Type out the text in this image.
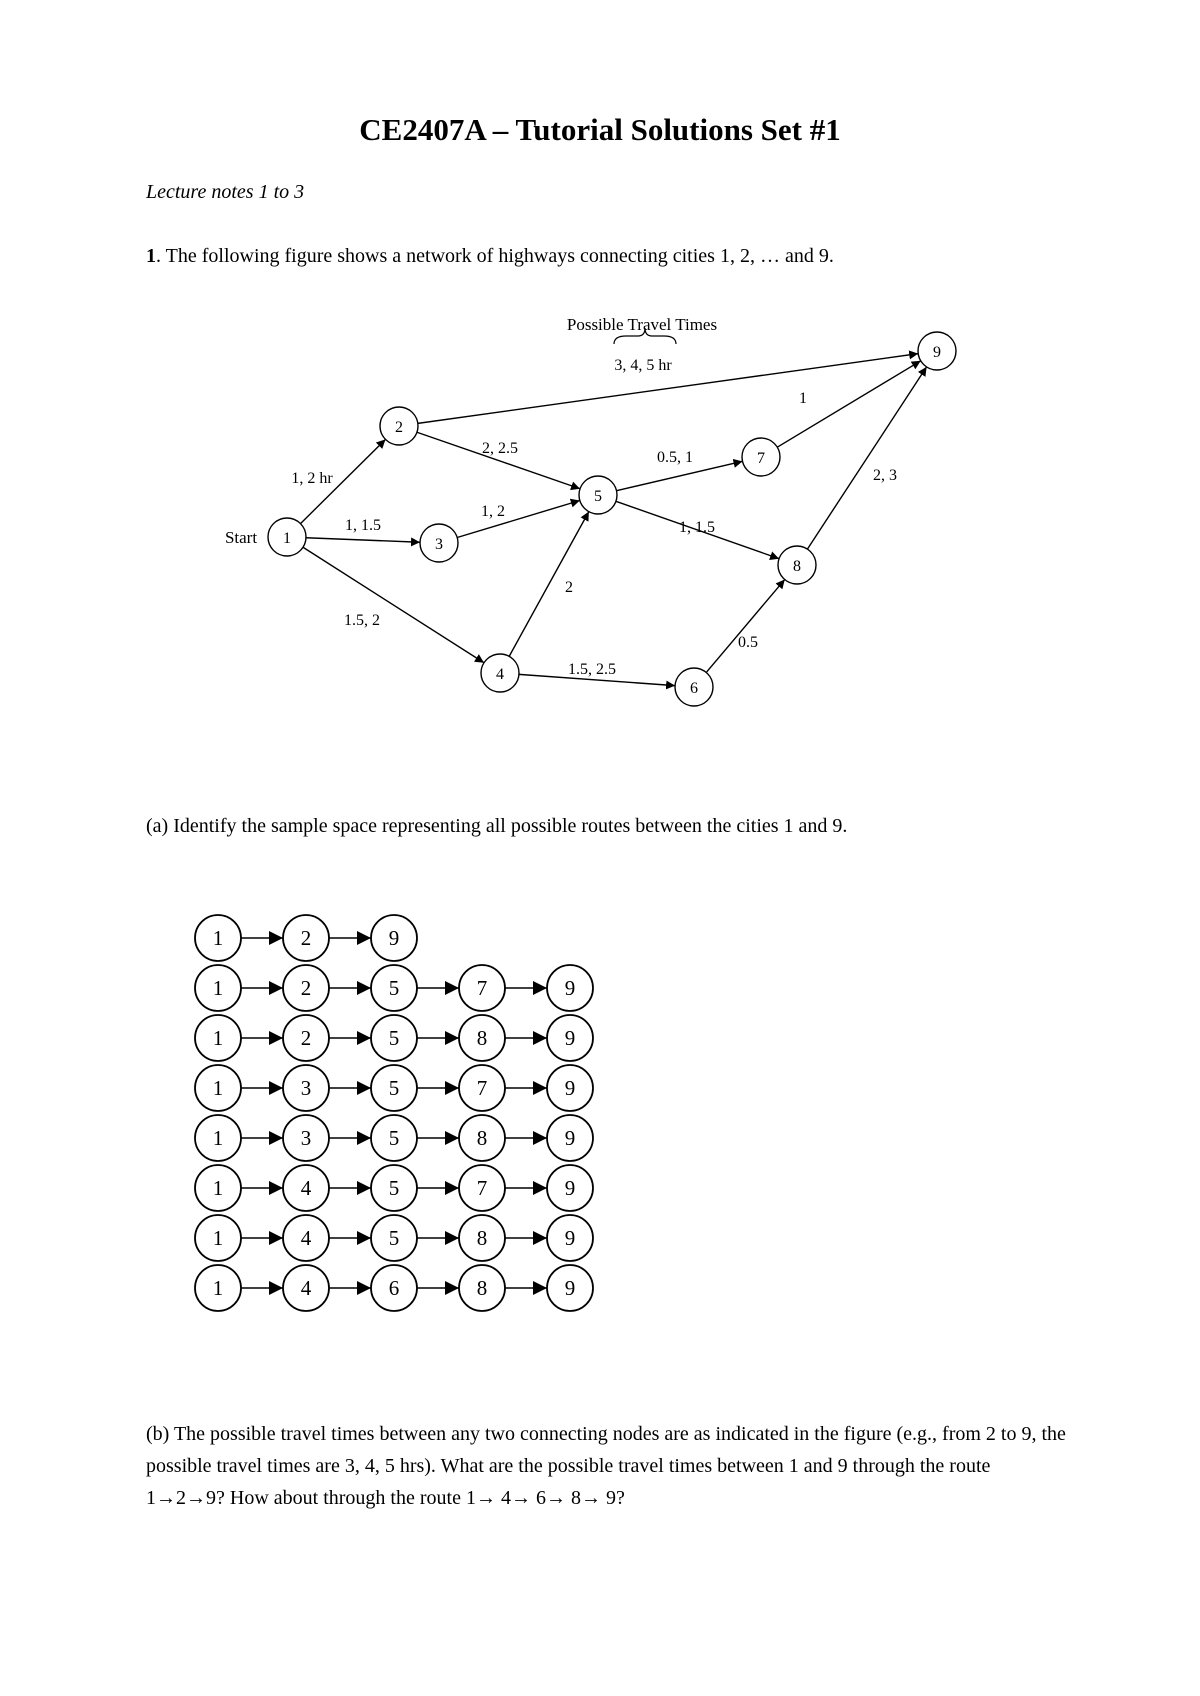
CE2407A – Tutorial Solutions Set #1
Lecture notes 1 to 3
1. The following figure shows a network of highways connecting cities 1, 2, … and 9.
1
2
3
4
5
6
7
8
9
1, 2 hr
1, 1.5
1.5, 2
3, 4, 5 hr
2, 2.5
1, 2
2
1.5, 2.5
0.5, 1
1, 1.5
0.5
1
2, 3
Possible Travel Times
Start
(a) Identify the sample space representing all possible routes between the cities 1 and 9.
1	2	9
1	2	5	7	9
1	2	5	8	9
1	3	5	7	9
1	3	5	8	9
1	4	5	7	9
1	4	5	8	9
1	4	6	8	9
(b) The possible travel times between any two connecting nodes are as indicated in the figure (e.g., from 2 to 9, the possible travel times are 3, 4, 5 hrs). What are the possible travel times between 1 and 9 through the route 1→2→9? How about through the route 1→ 4→ 6→ 8→ 9?
